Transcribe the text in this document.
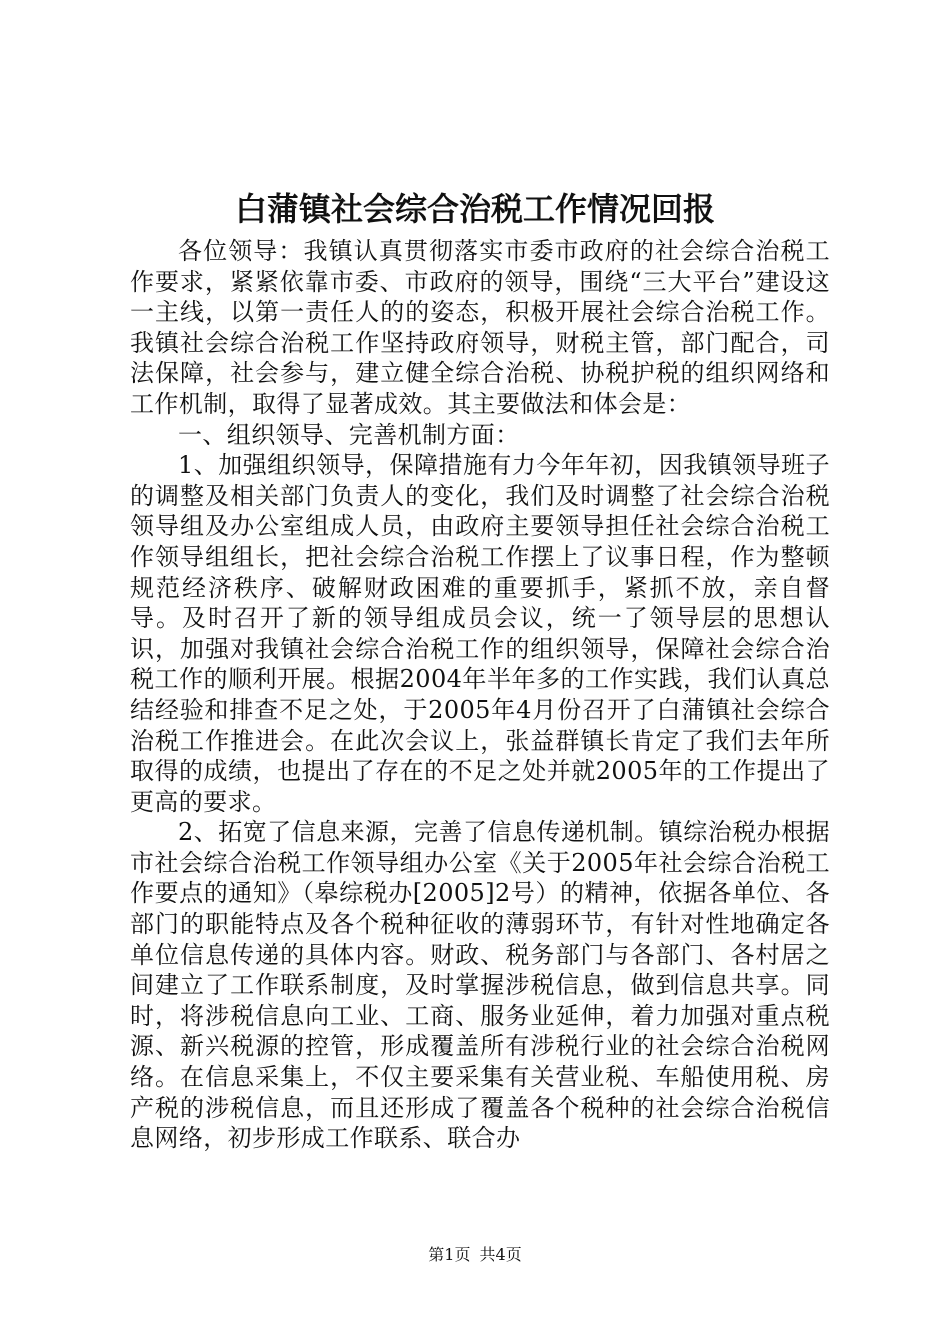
白蒲镇社会综合治税工作情况回报

各位领导：我镇认真贯彻落实市委市政府的社会综合治税工作要求，紧紧依靠市委、市政府的领导，围绕“三大平台”建设这一主线，以第一责任人的的姿态，积极开展社会综合治税工作。我镇社会综合治税工作坚持政府领导，财税主管，部门配合，司法保障，社会参与，建立健全综合治税、协税护税的组织网络和工作机制，取得了显著成效。其主要做法和体会是：

一、组织领导、完善机制方面：

1、加强组织领导，保障措施有力今年年初，因我镇领导班子的调整及相关部门负责人的变化，我们及时调整了社会综合治税领导组及办公室组成人员，由政府主要领导担任社会综合治税工作领导组组长，把社会综合治税工作摆上了议事日程，作为整顿规范经济秩序、破解财政困难的重要抓手，紧抓不放，亲自督导。及时召开了新的领导组成员会议，统一了领导层的思想认识，加强对我镇社会综合治税工作的组织领导，保障社会综合治税工作的顺利开展。根据2004年半年多的工作实践，我们认真总结经验和排查不足之处，于2005年4月份召开了白蒲镇社会综合治税工作推进会。在此次会议上，张益群镇长肯定了我们去年所取得的成绩，也提出了存在的不足之处并就2005年的工作提出了更高的要求。

2、拓宽了信息来源，完善了信息传递机制。镇综治税办根据市社会综合治税工作领导组办公室《关于2005年社会综合治税工作要点的通知》（皋综税办[2005]2号）的精神，依据各单位、各部门的职能特点及各个税种征收的薄弱环节，有针对性地确定各单位信息传递的具体内容。财政、税务部门与各部门、各村居之间建立了工作联系制度，及时掌握涉税信息，做到信息共享。同时，将涉税信息向工业、工商、服务业延伸，着力加强对重点税源、新兴税源的控管，形成覆盖所有涉税行业的社会综合治税网络。在信息采集上，不仅主要采集有关营业税、车船使用税、房产税的涉税信息，而且还形成了覆盖各个税种的社会综合治税信息网络，初步形成工作联系、联合办

第1页 共4页
